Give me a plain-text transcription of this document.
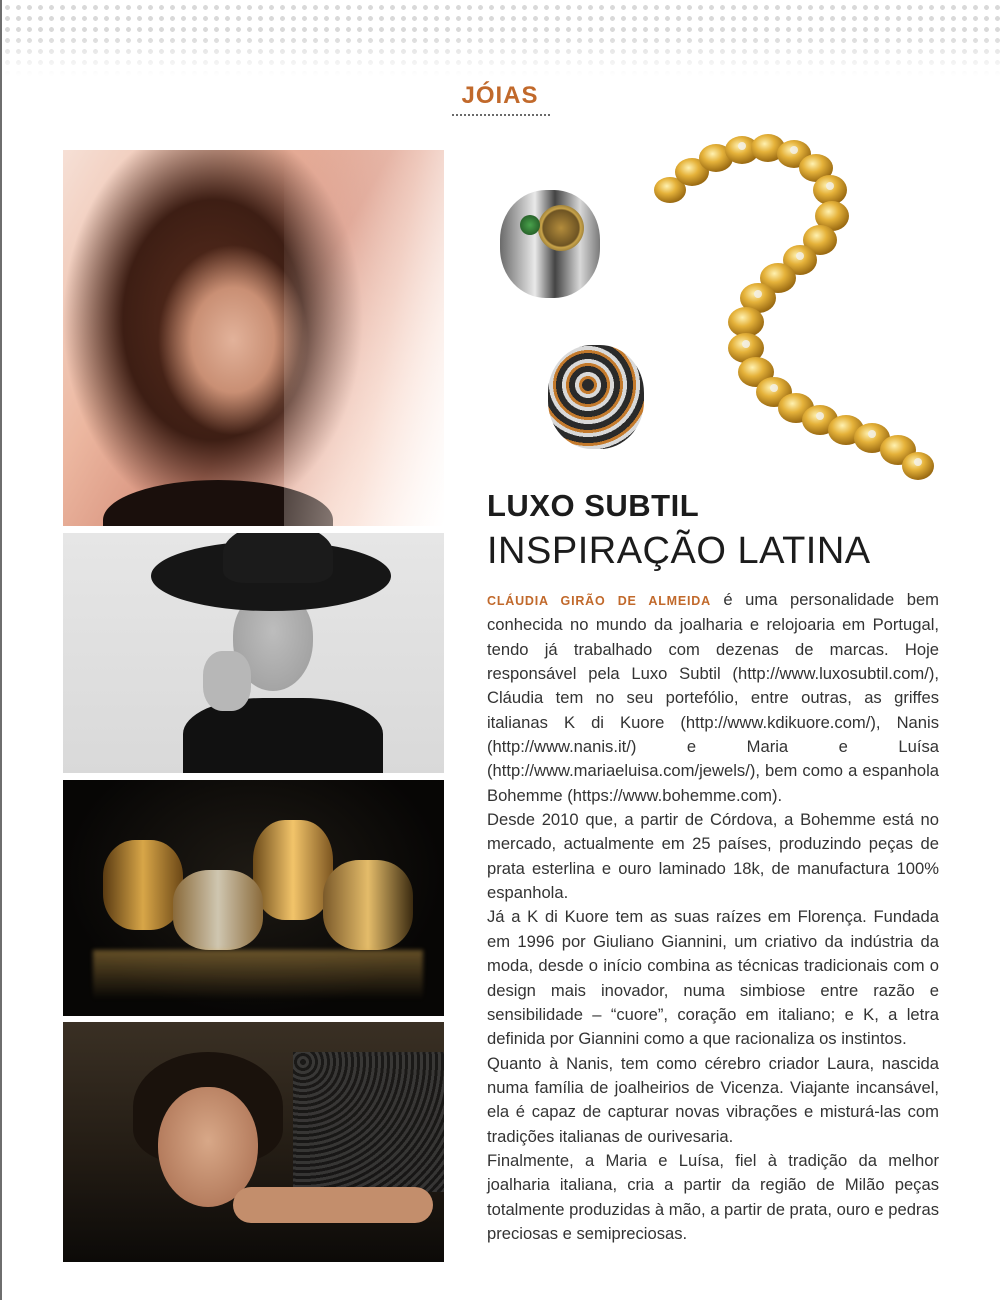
JÓIAS
LUXO SUBTIL
INSPIRAÇÃO LATINA

CLÁUDIA GIRÃO DE ALMEIDA é uma personalidade bem conhecida no mundo da joalharia e relojoaria em Portugal, tendo já trabalhado com dezenas de marcas. Hoje responsável pela Luxo Subtil (http://www.luxosubtil.com/), Cláudia tem no seu portefólio, entre outras, as griffes italianas K di Kuore (http://www.kdikuore.com/), Nanis (http://www.nanis.it/) e Maria e Luísa (http://www.mariaeluisa.com/jewels/), bem como a espanhola Bohemme (https://www.bohemme.com).

Desde 2010 que, a partir de Córdova, a Bohemme está no mercado, actualmente em 25 países, produzindo peças de prata esterlina e ouro laminado 18k, de manufactura 100% espanhola.

Já a K di Kuore tem as suas raízes em Florença. Fundada em 1996 por Giuliano Giannini, um criativo da indústria da moda, desde o início combina as técnicas tradicionais com o design mais inovador, numa simbiose entre razão e sensibilidade – “cuore”, coração em italiano; e K, a letra definida por Giannini como a que racionaliza os instintos.

Quanto à Nanis, tem como cérebro criador Laura, nascida numa família de joalheirios de Vicenza. Viajante incansável, ela é capaz de capturar novas vibrações e misturá-las com tradições italianas de ourivesaria.

Finalmente, a Maria e Luísa, fiel à tradição da melhor joalharia italiana, cria a partir da região de Milão peças totalmente produzidas à mão, a partir de prata, ouro e pedras preciosas e semipreciosas.
